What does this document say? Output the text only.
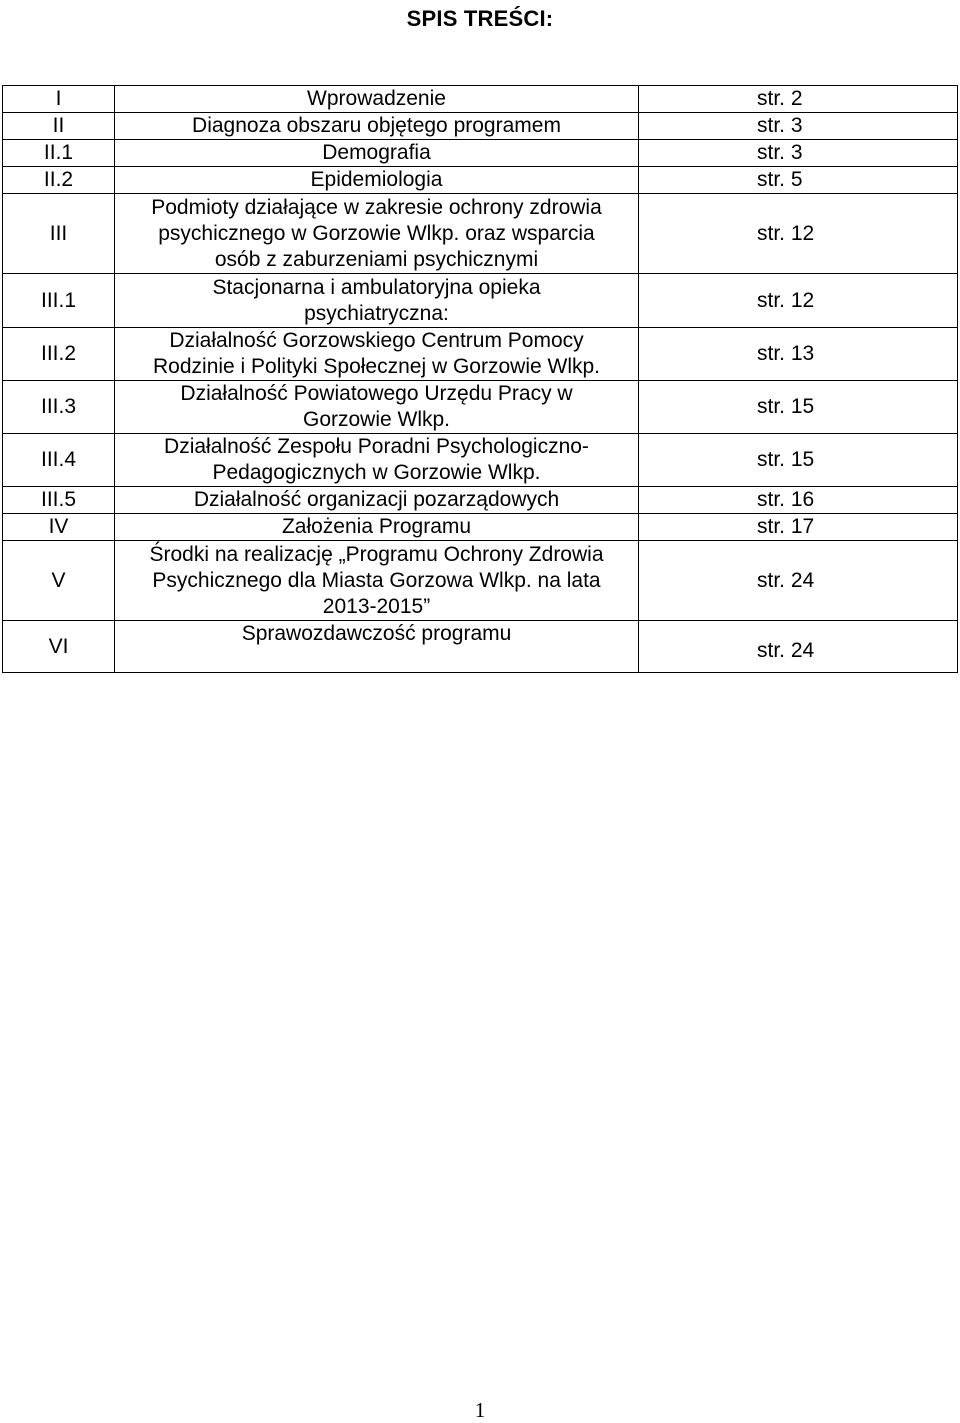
SPIS TREŚCI:
I	Wprowadzenie	str. 2
II	Diagnoza obszaru objętego programem	str. 3
II.1	Demografia	str. 3
II.2	Epidemiologia	str. 5
III	Podmioty działające w zakresie ochrony zdrowia
psychicznego w Gorzowie Wlkp. oraz wsparcia
osób z zaburzeniami psychicznymi	str. 12
III.1	Stacjonarna i ambulatoryjna opieka
psychiatryczna:	str. 12
III.2	Działalność Gorzowskiego Centrum Pomocy
Rodzinie i Polityki Społecznej w Gorzowie Wlkp.	str. 13
III.3	Działalność Powiatowego Urzędu Pracy w
Gorzowie Wlkp.	str. 15
III.4	Działalność Zespołu Poradni Psychologiczno-
Pedagogicznych w Gorzowie Wlkp.	str. 15
III.5	Działalność organizacji pozarządowych	str. 16
IV	Założenia Programu	str. 17
V	Środki na realizację „Programu Ochrony Zdrowia
Psychicznego dla Miasta Gorzowa Wlkp. na lata
2013-2015”	str. 24
VI	Sprawozdawczość programu	str. 24
1
